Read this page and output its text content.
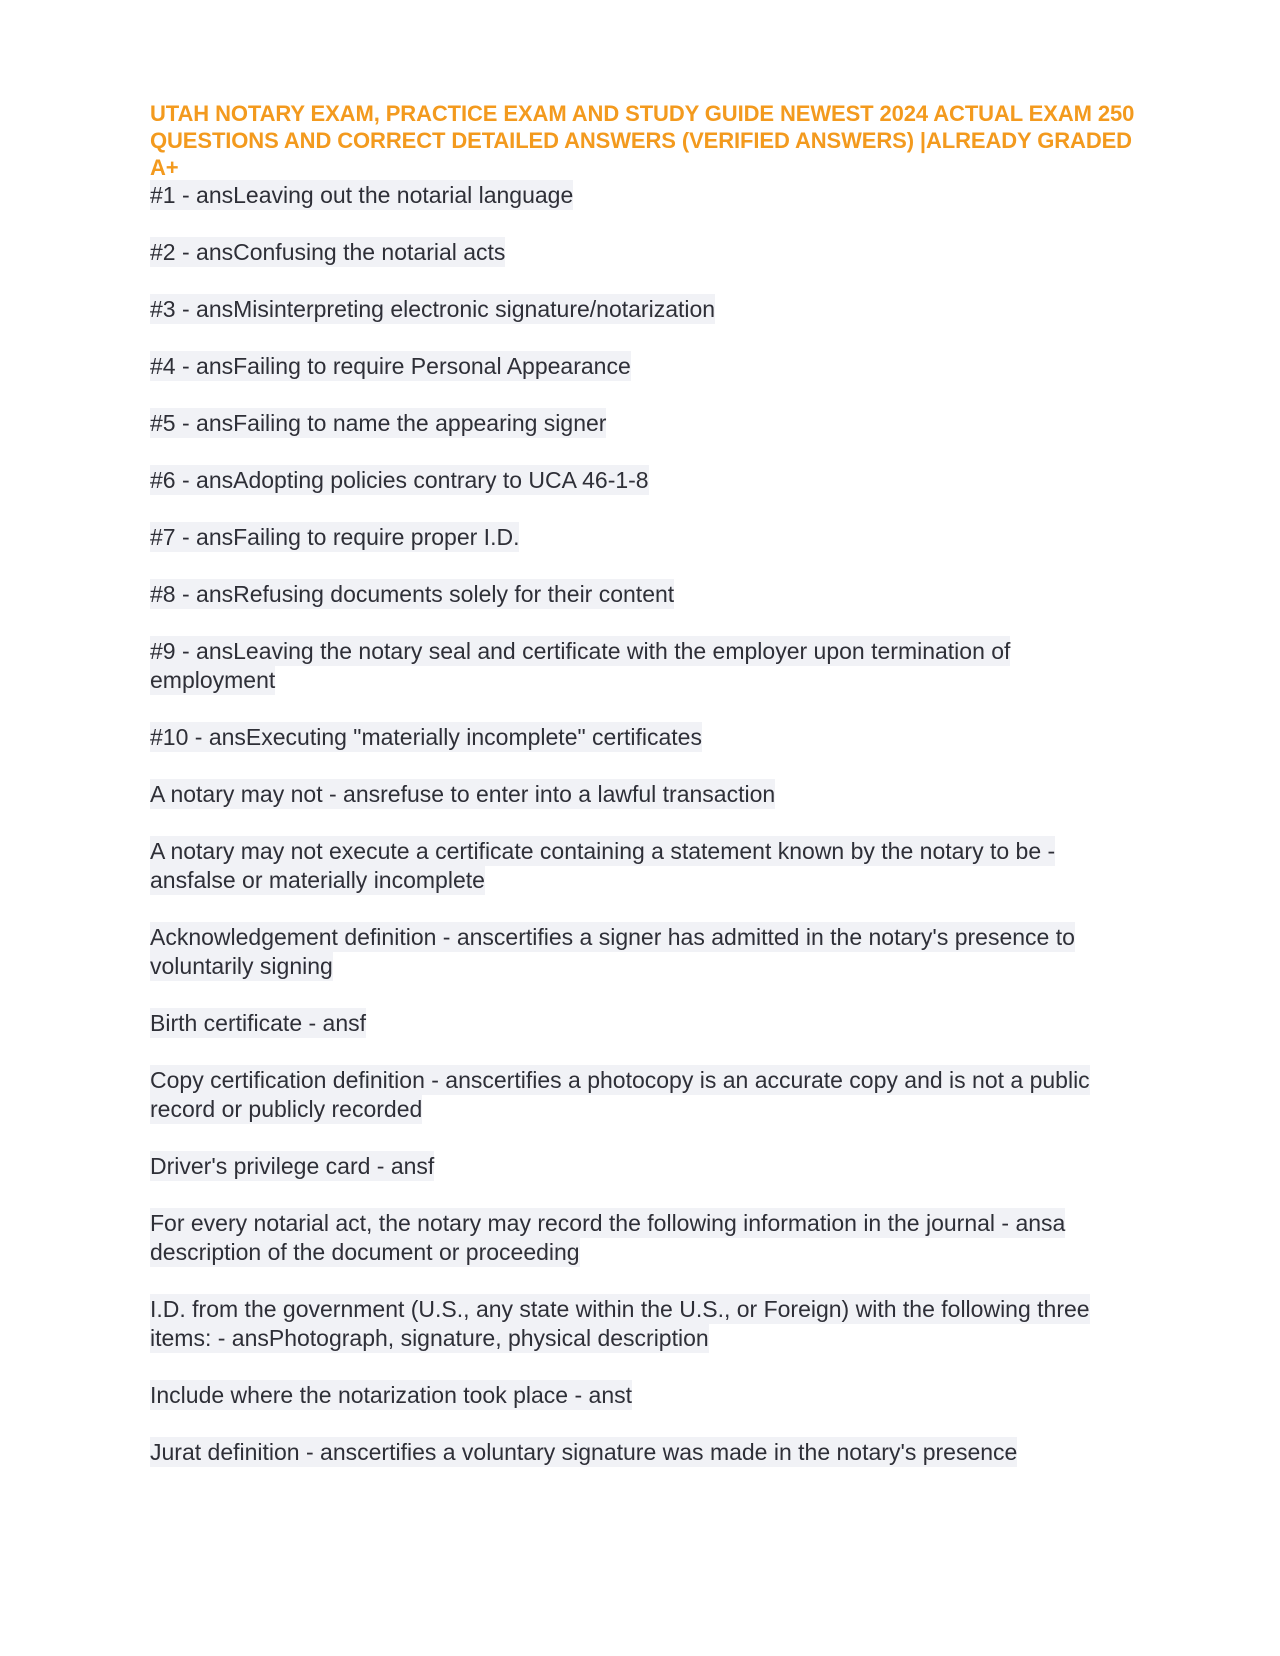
UTAH NOTARY EXAM, PRACTICE EXAM AND STUDY GUIDE NEWEST 2024 ACTUAL EXAM 250 QUESTIONS AND CORRECT DETAILED ANSWERS (VERIFIED ANSWERS) |ALREADY GRADED A+
#1 - ansLeaving out the notarial language
#2 - ansConfusing the notarial acts
#3 - ansMisinterpreting electronic signature/notarization
#4 - ansFailing to require Personal Appearance
#5 - ansFailing to name the appearing signer
#6 - ansAdopting policies contrary to UCA 46-1-8
#7 - ansFailing to require proper I.D.
#8 - ansRefusing documents solely for their content
#9 - ansLeaving the notary seal and certificate with the employer upon termination of employment
#10 - ansExecuting "materially incomplete" certificates
A notary may not - ansrefuse to enter into a lawful transaction
A notary may not execute a certificate containing a statement known by the notary to be - ansfalse or materially incomplete
Acknowledgement definition - anscertifies a signer has admitted in the notary's presence to voluntarily signing
Birth certificate - ansf
Copy certification definition - anscertifies a photocopy is an accurate copy and is not a public record or publicly recorded
Driver's privilege card - ansf
For every notarial act, the notary may record the following information in the journal - ansa description of the document or proceeding
I.D. from the government (U.S., any state within the U.S., or Foreign) with the following three items: - ansPhotograph, signature, physical description
Include where the notarization took place - anst
Jurat definition - anscertifies a voluntary signature was made in the notary's presence
